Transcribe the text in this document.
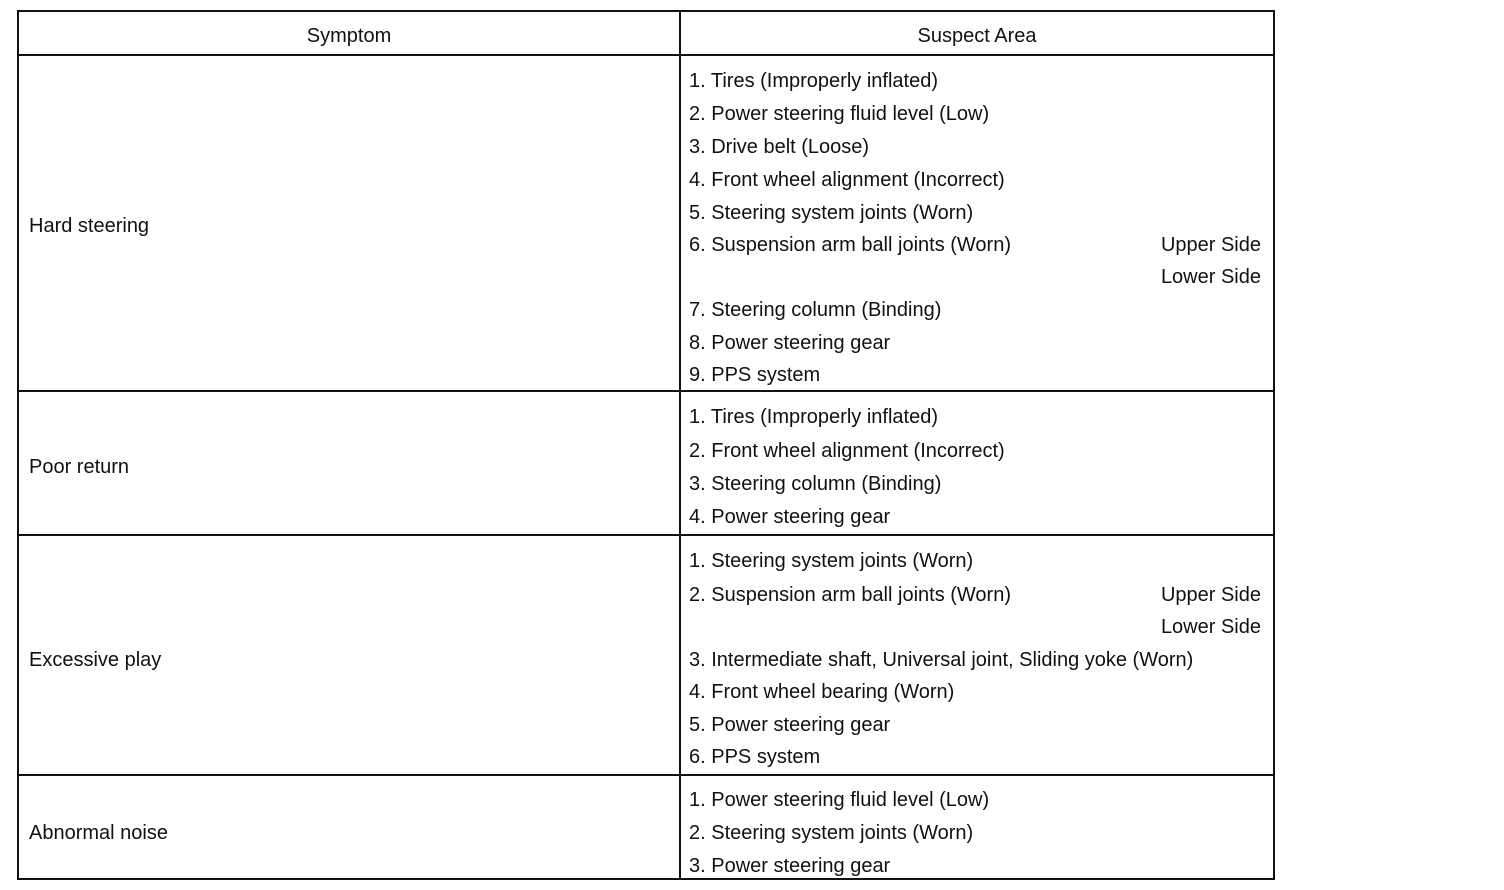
Symptom	Suspect Area
Hard steering
1. Tires (Improperly inflated)
2. Power steering fluid level (Low)
3. Drive belt (Loose)
4. Front wheel alignment (Incorrect)
5. Steering system joints (Worn)
6. Suspension arm ball joints (Worn)	Upper Side
Lower Side
7. Steering column (Binding)
8. Power steering gear
9. PPS system
Poor return
1. Tires (Improperly inflated)
2. Front wheel alignment (Incorrect)
3. Steering column (Binding)
4. Power steering gear
Excessive play
1. Steering system joints (Worn)
2. Suspension arm ball joints (Worn)	Upper Side
Lower Side
3. Intermediate shaft, Universal joint, Sliding yoke (Worn)
4. Front wheel bearing (Worn)
5. Power steering gear
6. PPS system
Abnormal noise
1. Power steering fluid level (Low)
2. Steering system joints (Worn)
3. Power steering gear
